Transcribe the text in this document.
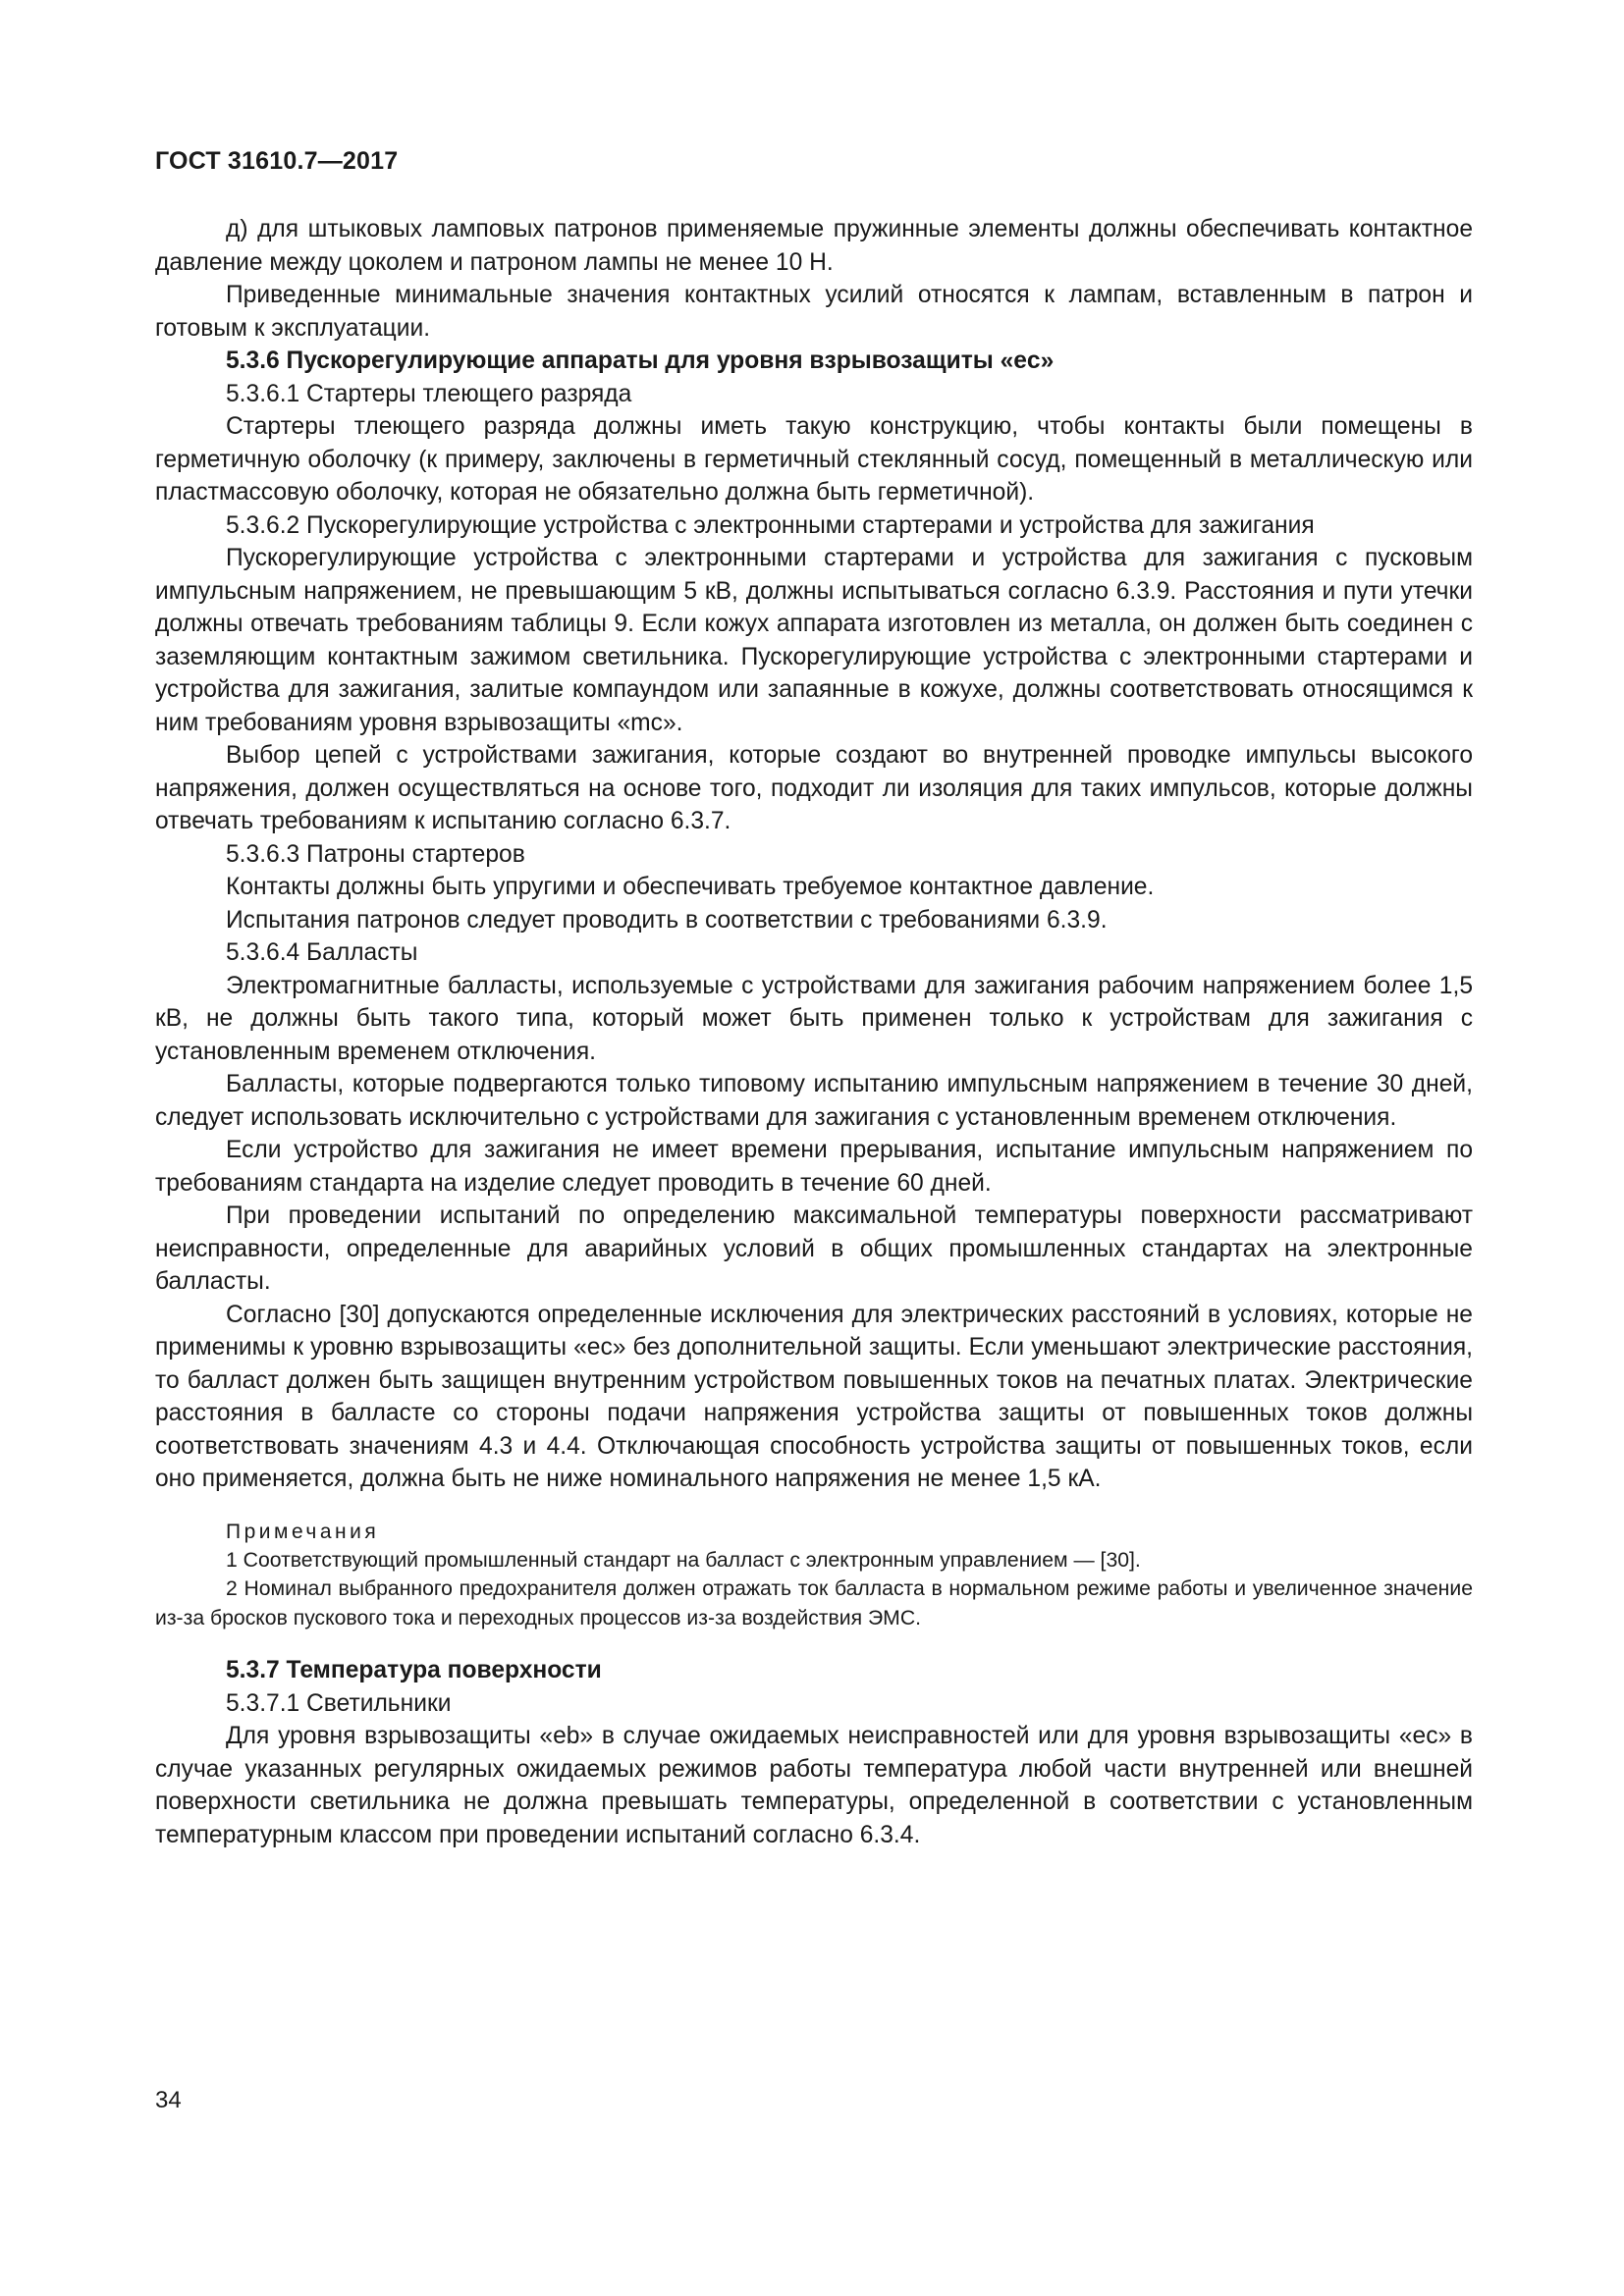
ГОСТ 31610.7—2017

д) для штыковых ламповых патронов применяемые пружинные элементы должны обеспечивать контактное давление между цоколем и патроном лампы не менее 10 Н.

Приведенные минимальные значения контактных усилий относятся к лампам, вставленным в патрон и готовым к эксплуатации.

5.3.6 Пускорегулирующие аппараты для уровня взрывозащиты «ec»

5.3.6.1 Стартеры тлеющего разряда

Стартеры тлеющего разряда должны иметь такую конструкцию, чтобы контакты были помещены в герметичную оболочку (к примеру, заключены в герметичный стеклянный сосуд, помещенный в металлическую или пластмассовую оболочку, которая не обязательно должна быть герметичной).

5.3.6.2 Пускорегулирующие устройства с электронными стартерами и устройства для зажигания

Пускорегулирующие устройства с электронными стартерами и устройства для зажигания с пусковым импульсным напряжением, не превышающим 5 кВ, должны испытываться согласно 6.3.9. Расстояния и пути утечки должны отвечать требованиям таблицы 9. Если кожух аппарата изготовлен из металла, он должен быть соединен с заземляющим контактным зажимом светильника. Пускорегулирующие устройства с электронными стартерами и устройства для зажигания, залитые компаундом или запаянные в кожухе, должны соответствовать относящимся к ним требованиям уровня взрывозащиты «mc».

Выбор цепей с устройствами зажигания, которые создают во внутренней проводке импульсы высокого напряжения, должен осуществляться на основе того, подходит ли изоляция для таких импульсов, которые должны отвечать требованиям к испытанию согласно 6.3.7.

5.3.6.3 Патроны стартеров

Контакты должны быть упругими и обеспечивать требуемое контактное давление.

Испытания патронов следует проводить в соответствии с требованиями 6.3.9.

5.3.6.4 Балласты

Электромагнитные балласты, используемые с устройствами для зажигания рабочим напряжением более 1,5 кВ, не должны быть такого типа, который может быть применен только к устройствам для зажигания с установленным временем отключения.

Балласты, которые подвергаются только типовому испытанию импульсным напряжением в течение 30 дней, следует использовать исключительно с устройствами для зажигания с установленным временем отключения.

Если устройство для зажигания не имеет времени прерывания, испытание импульсным напряжением по требованиям стандарта на изделие следует проводить в течение 60 дней.

При проведении испытаний по определению максимальной температуры поверхности рассматривают неисправности, определенные для аварийных условий в общих промышленных стандартах на электронные балласты.

Согласно [30] допускаются определенные исключения для электрических расстояний в условиях, которые не применимы к уровню взрывозащиты «ec» без дополнительной защиты. Если уменьшают электрические расстояния, то балласт должен быть защищен внутренним устройством повышенных токов на печатных платах. Электрические расстояния в балласте со стороны подачи напряжения устройства защиты от повышенных токов должны соответствовать значениям 4.3 и 4.4. Отключающая способность устройства защиты от повышенных токов, если оно применяется, должна быть не ниже номинального напряжения не менее 1,5 кА.

Примечания

1 Соответствующий промышленный стандарт на балласт с электронным управлением — [30].

2 Номинал выбранного предохранителя должен отражать ток балласта в нормальном режиме работы и увеличенное значение из-за бросков пускового тока и переходных процессов из-за воздействия ЭМС.

5.3.7 Температура поверхности

5.3.7.1 Светильники

Для уровня взрывозащиты «eb» в случае ожидаемых неисправностей или для уровня взрывозащиты «ec» в случае указанных регулярных ожидаемых режимов работы температура любой части внутренней или внешней поверхности светильника не должна превышать температуры, определенной в соответствии с установленным температурным классом при проведении испытаний согласно 6.3.4.

34
